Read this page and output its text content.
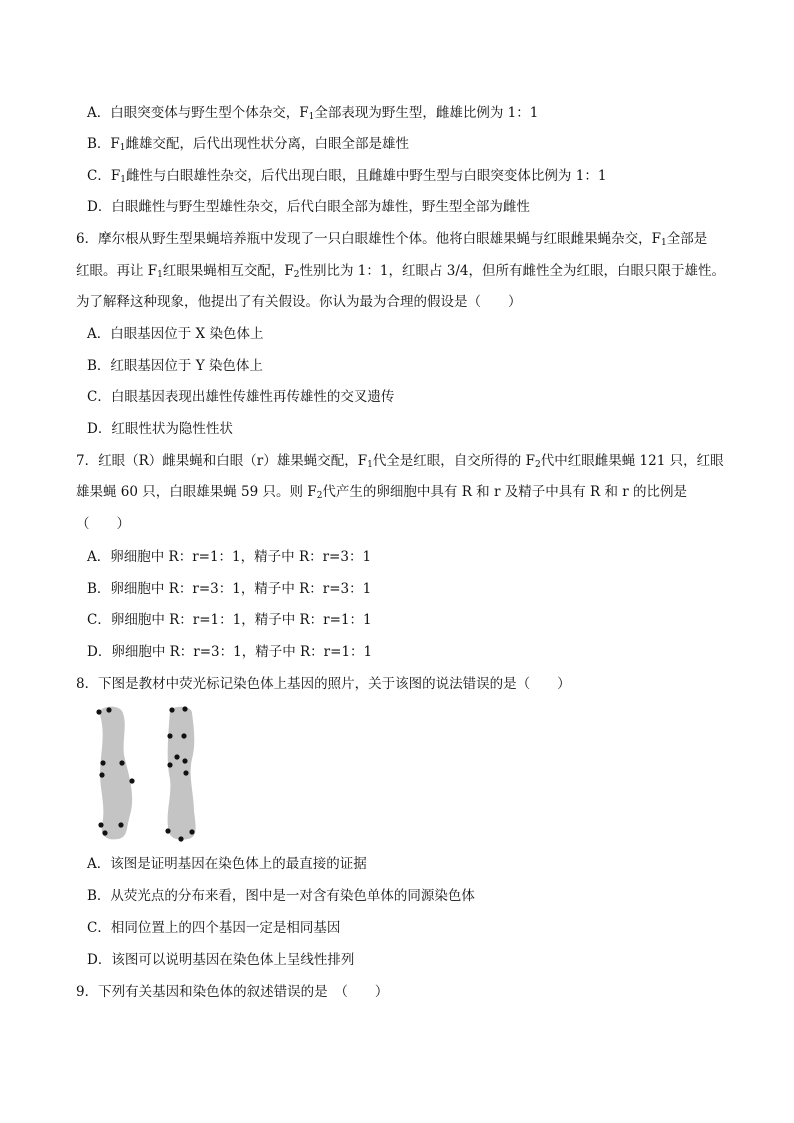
A．白眼突变体与野生型个体杂交，$F_1$全部表现为野生型，雌雄比例为 1：1
B．$F_1$雌雄交配，后代出现性状分离，白眼全部是雄性
C．$F_1$雌性与白眼雄性杂交，后代出现白眼，且雌雄中野生型与白眼突变体比例为 1：1
D．白眼雌性与野生型雄性杂交，后代白眼全部为雄性，野生型全部为雌性
6．摩尔根从野生型果蝇培养瓶中发现了一只白眼雄性个体。他将白眼雄果蝇与红眼雌果蝇杂交，$F_1$全部是
红眼。再让 $F_1$红眼果蝇相互交配，$F_2$性别比为 1：1，红眼占 3/4，但所有雌性全为红眼，白眼只限于雄性。
为了解释这种现象，他提出了有关假设。你认为最为合理的假设是（　　）
A．白眼基因位于 X 染色体上
B．红眼基因位于 Y 染色体上
C．白眼基因表现出雄性传雄性再传雄性的交叉遗传
D．红眼性状为隐性性状
7．红眼（R）雌果蝇和白眼（r）雄果蝇交配，$F_1$代全是红眼，自交所得的 $F_2$代中红眼雌果蝇 121 只，红眼
雄果蝇 60 只，白眼雄果蝇 59 只。则 $F_2$代产生的卵细胞中具有 R 和 r 及精子中具有 R 和 r 的比例是
（　　）
A．卵细胞中 R：r=1：1，精子中 R：r=3：1
B．卵细胞中 R：r=3：1，精子中 R：r=3：1
C．卵细胞中 R：r=1：1，精子中 R：r=1：1
D．卵细胞中 R：r=3：1，精子中 R：r=1：1
8．下图是教材中荧光标记染色体上基因的照片，关于该图的说法错误的是（　　）
A．该图是证明基因在染色体上的最直接的证据
B．从荧光点的分布来看，图中是一对含有染色单体的同源染色体
C．相同位置上的四个基因一定是相同基因
D．该图可以说明基因在染色体上呈线性排列
9．下列有关基因和染色体的叙述错误的是　（　　）
